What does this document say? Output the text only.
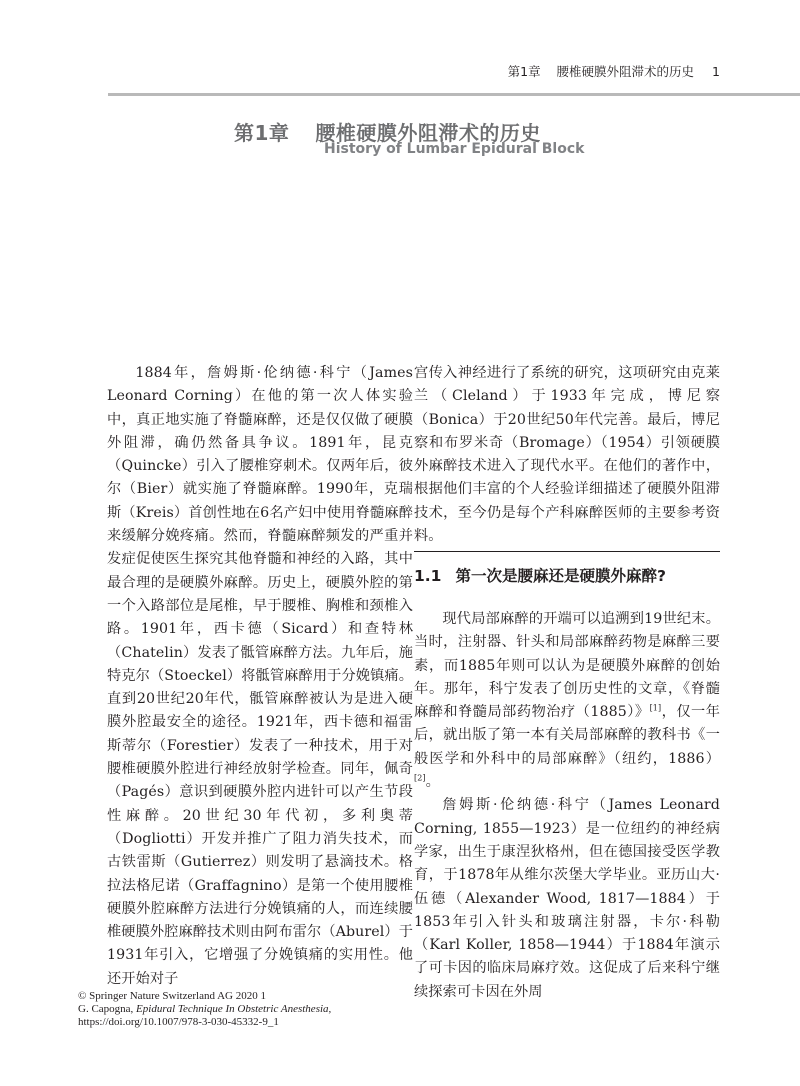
第1章 腰椎硬膜外阻滞术的历史 1
第1章 腰椎硬膜外阻滞术的历史
History of Lumbar Epidural Block

1884年，詹姆斯·伦纳德·科宁（James Leonard Corning）在他的第一次人体实验中，真正地实施了脊髓麻醉，还是仅仅做了硬膜外阻滞，确仍然备具争议。1891年，昆克（Quincke）引入了腰椎穿刺术。仅两年后，彼尔（Bier）就实施了脊髓麻醉。1990年，克瑞斯（Kreis）首创性地在6名产妇中使用脊髓麻醉来缓解分娩疼痛。然而，脊髓麻醉频发的严重并发症促使医生探究其他脊髓和神经的入路，其中最合理的是硬膜外麻醉。历史上，硬膜外腔的第一个入路部位是尾椎，早于腰椎、胸椎和颈椎入路。1901年，西卡德（Sicard）和查特林（Chatelin）发表了骶管麻醉方法。九年后，施特克尔（Stoeckel）将骶管麻醉用于分娩镇痛。直到20世纪20年代，骶管麻醉被认为是进入硬膜外腔最安全的途径。1921年，西卡德和福雷斯蒂尔（Forestier）发表了一种技术，用于对腰椎硬膜外腔进行神经放射学检查。同年，佩奇（Pagés）意识到硬膜外腔内进针可以产生节段性麻醉。20世纪30年代初，多利奥蒂（Dogliotti）开发并推广了阻力消失技术，而古铁雷斯（Gutierrez）则发明了悬滴技术。格拉法格尼诺（Graffagnino）是第一个使用腰椎硬膜外腔麻醉方法进行分娩镇痛的人，而连续腰椎硬膜外腔麻醉技术则由阿布雷尔（Aburel）于1931年引入，它增强了分娩镇痛的实用性。他还开始对子

宫传入神经进行了系统的研究，这项研究由克莱兰（Cleland）于1933年完成，博尼察（Bonica）于20世纪50年代完善。最后，博尼察和布罗米奇（Bromage）（1954）引领硬膜外麻醉技术进入了现代水平。在他们的著作中，根据他们丰富的个人经验详细描述了硬膜外阻滞技术，至今仍是每个产科麻醉医师的主要参考资料。

1.1 第一次是腰麻还是硬膜外麻醉?

现代局部麻醉的开端可以追溯到19世纪末。当时，注射器、针头和局部麻醉药物是麻醉三要素，而1885年则可以认为是硬膜外麻醉的创始年。那年，科宁发表了创历史性的文章，《脊髓麻醉和脊髓局部药物治疗（1885）》[1]，仅一年后，就出版了第一本有关局部麻醉的教科书《一般医学和外科中的局部麻醉》（纽约，1886）[2]。

詹姆斯·伦纳德·科宁（James Leonard Corning, 1855—1923）是一位纽约的神经病学家，出生于康涅狄格州，但在德国接受医学教育，于1878年从维尔茨堡大学毕业。亚历山大·伍德（Alexander Wood, 1817—1884）于1853年引入针头和玻璃注射器，卡尔·科勒（Karl Koller, 1858—1944）于1884年演示了可卡因的临床局麻疗效。这促成了后来科宁继续探索可卡因在外周

© Springer Nature Switzerland AG 2020 1
G. Capogna, Epidural Technique In Obstetric Anesthesia,
https://doi.org/10.1007/978-3-030-45332-9_1
